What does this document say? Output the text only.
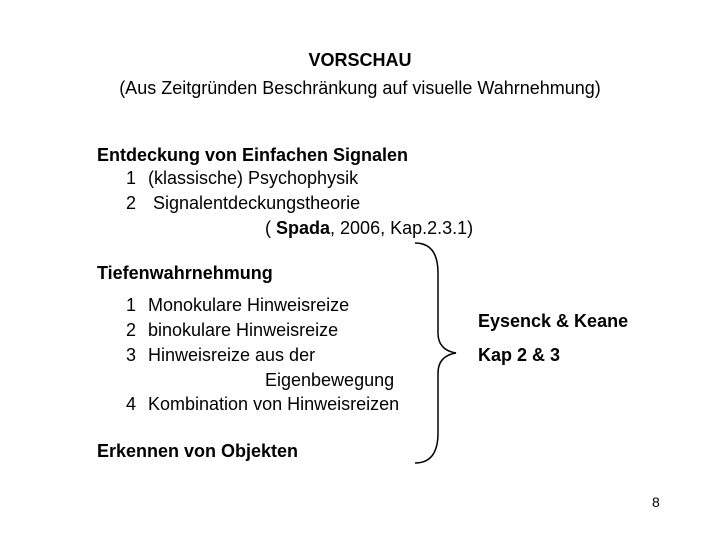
VORSCHAU
(Aus Zeitgründen Beschränkung auf visuelle Wahrnehmung)
Entdeckung von Einfachen Signalen
1 (klassische) Psychophysik
2 Signalentdeckungstheorie
( Spada, 2006, Kap.2.3.1)
Tiefenwahrnehmung
1 Monokulare Hinweisreize
2 binokulare Hinweisreize
3 Hinweisreize aus der
Eigenbewegung
4 Kombination von Hinweisreizen
Erkennen von Objekten
Eysenck & Keane
Kap 2 & 3
8
